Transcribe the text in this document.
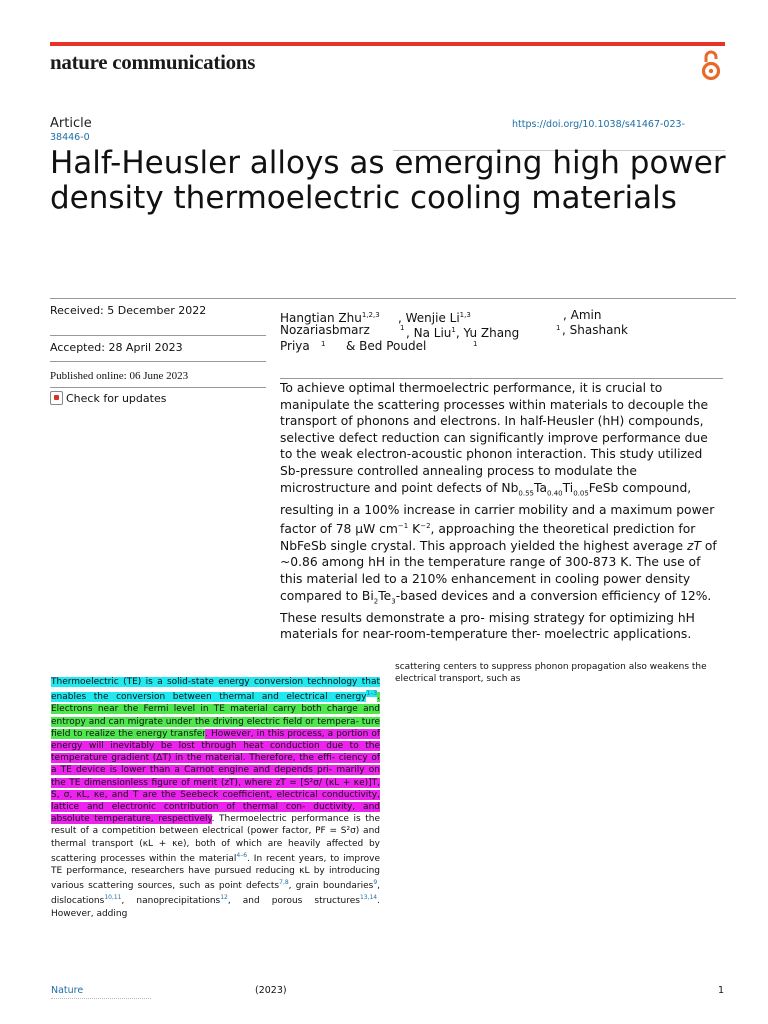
nature communications
Article
38446-0
https://doi.org/10.1038/s41467-023-
Half-Heusler alloys as emerging high power density thermoelectric cooling materials
Received: 5 December 2022
Accepted: 28 April 2023
Published online: 06 June 2023
Check for updates
Hangtian Zhu$^{1,2,3}$ , Wenjie Li$^{1,3}$	, Amin
Nozariasbmarz	1 , Na Liu$^1$, Yu Zhang	1 , Shashank
Priya 1 & Bed Poudel	1

To achieve optimal thermoelectric performance, it is crucial to manipulate the scattering processes within materials to decouple the transport of phonons and electrons. In half-Heusler (hH) compounds, selective defect reduction can significantly improve performance due to the weak electron-acoustic phonon interaction. This study utilized Sb-pressure controlled annealing process to modulate the microstructure and point defects of $Nb_{0.55}Ta_{0.40}Ti_{0.05}FeSb$ compound, resulting in a 100% increase in carrier mobility and a maximum power factor of 78 µW $cm^{-1}$ $K^{-2}$, approaching the theoretical prediction for NbFeSb single crystal. This approach yielded the highest average zT of ~0.86 among hH in the temperature range of 300-873 K. The use of this material led to a 210% enhancement in cooling power density compared to $Bi_2Te_3$-based devices and a conversion efficiency of 12%. These results demonstrate a pro- mising strategy for optimizing hH materials for near-room-temperature ther- moelectric applications.

Thermoelectric (TE) is a solid-state energy conversion technology that enables the conversion between thermal and electrical energy$^{1-3}$. Electrons near the Fermi level in TE material carry both charge and entropy and can migrate under the driving electric field or tempera- ture field to realize the energy transfer. However, in this process, a portion of energy will inevitably be lost through heat conduction due to the temperature gradient (ΔT) in the material. Therefore, the effi- ciency of a TE device is lower than a Carnot engine and depends pri- marily on the TE dimensionless figure of merit (zT), where zT = [S²σ/ (κL + κe)]T, S, σ, κL, κe, and T are the Seebeck coefficient, electrical conductivity, lattice and electronic contribution of thermal con- ductivity, and absolute temperature, respectively. Thermoelectric performance is the result of a competition between electrical (power factor, PF = S²σ) and thermal transport (κL + κe), both of which are heavily affected by scattering processes within the material$^{4-6}$. In recent years, to improve TE performance, researchers have pursued reducing κL by introducing various scattering sources, such as point defects$^{7,8}$, grain boundaries$^9$, dislocations$^{10,11}$, nanoprecipitations$^{12}$, and porous structures$^{13,14}$. However, adding

scattering centers to suppress phonon propagation also weakens the electrical transport, such as

Nature	(2023)	1
